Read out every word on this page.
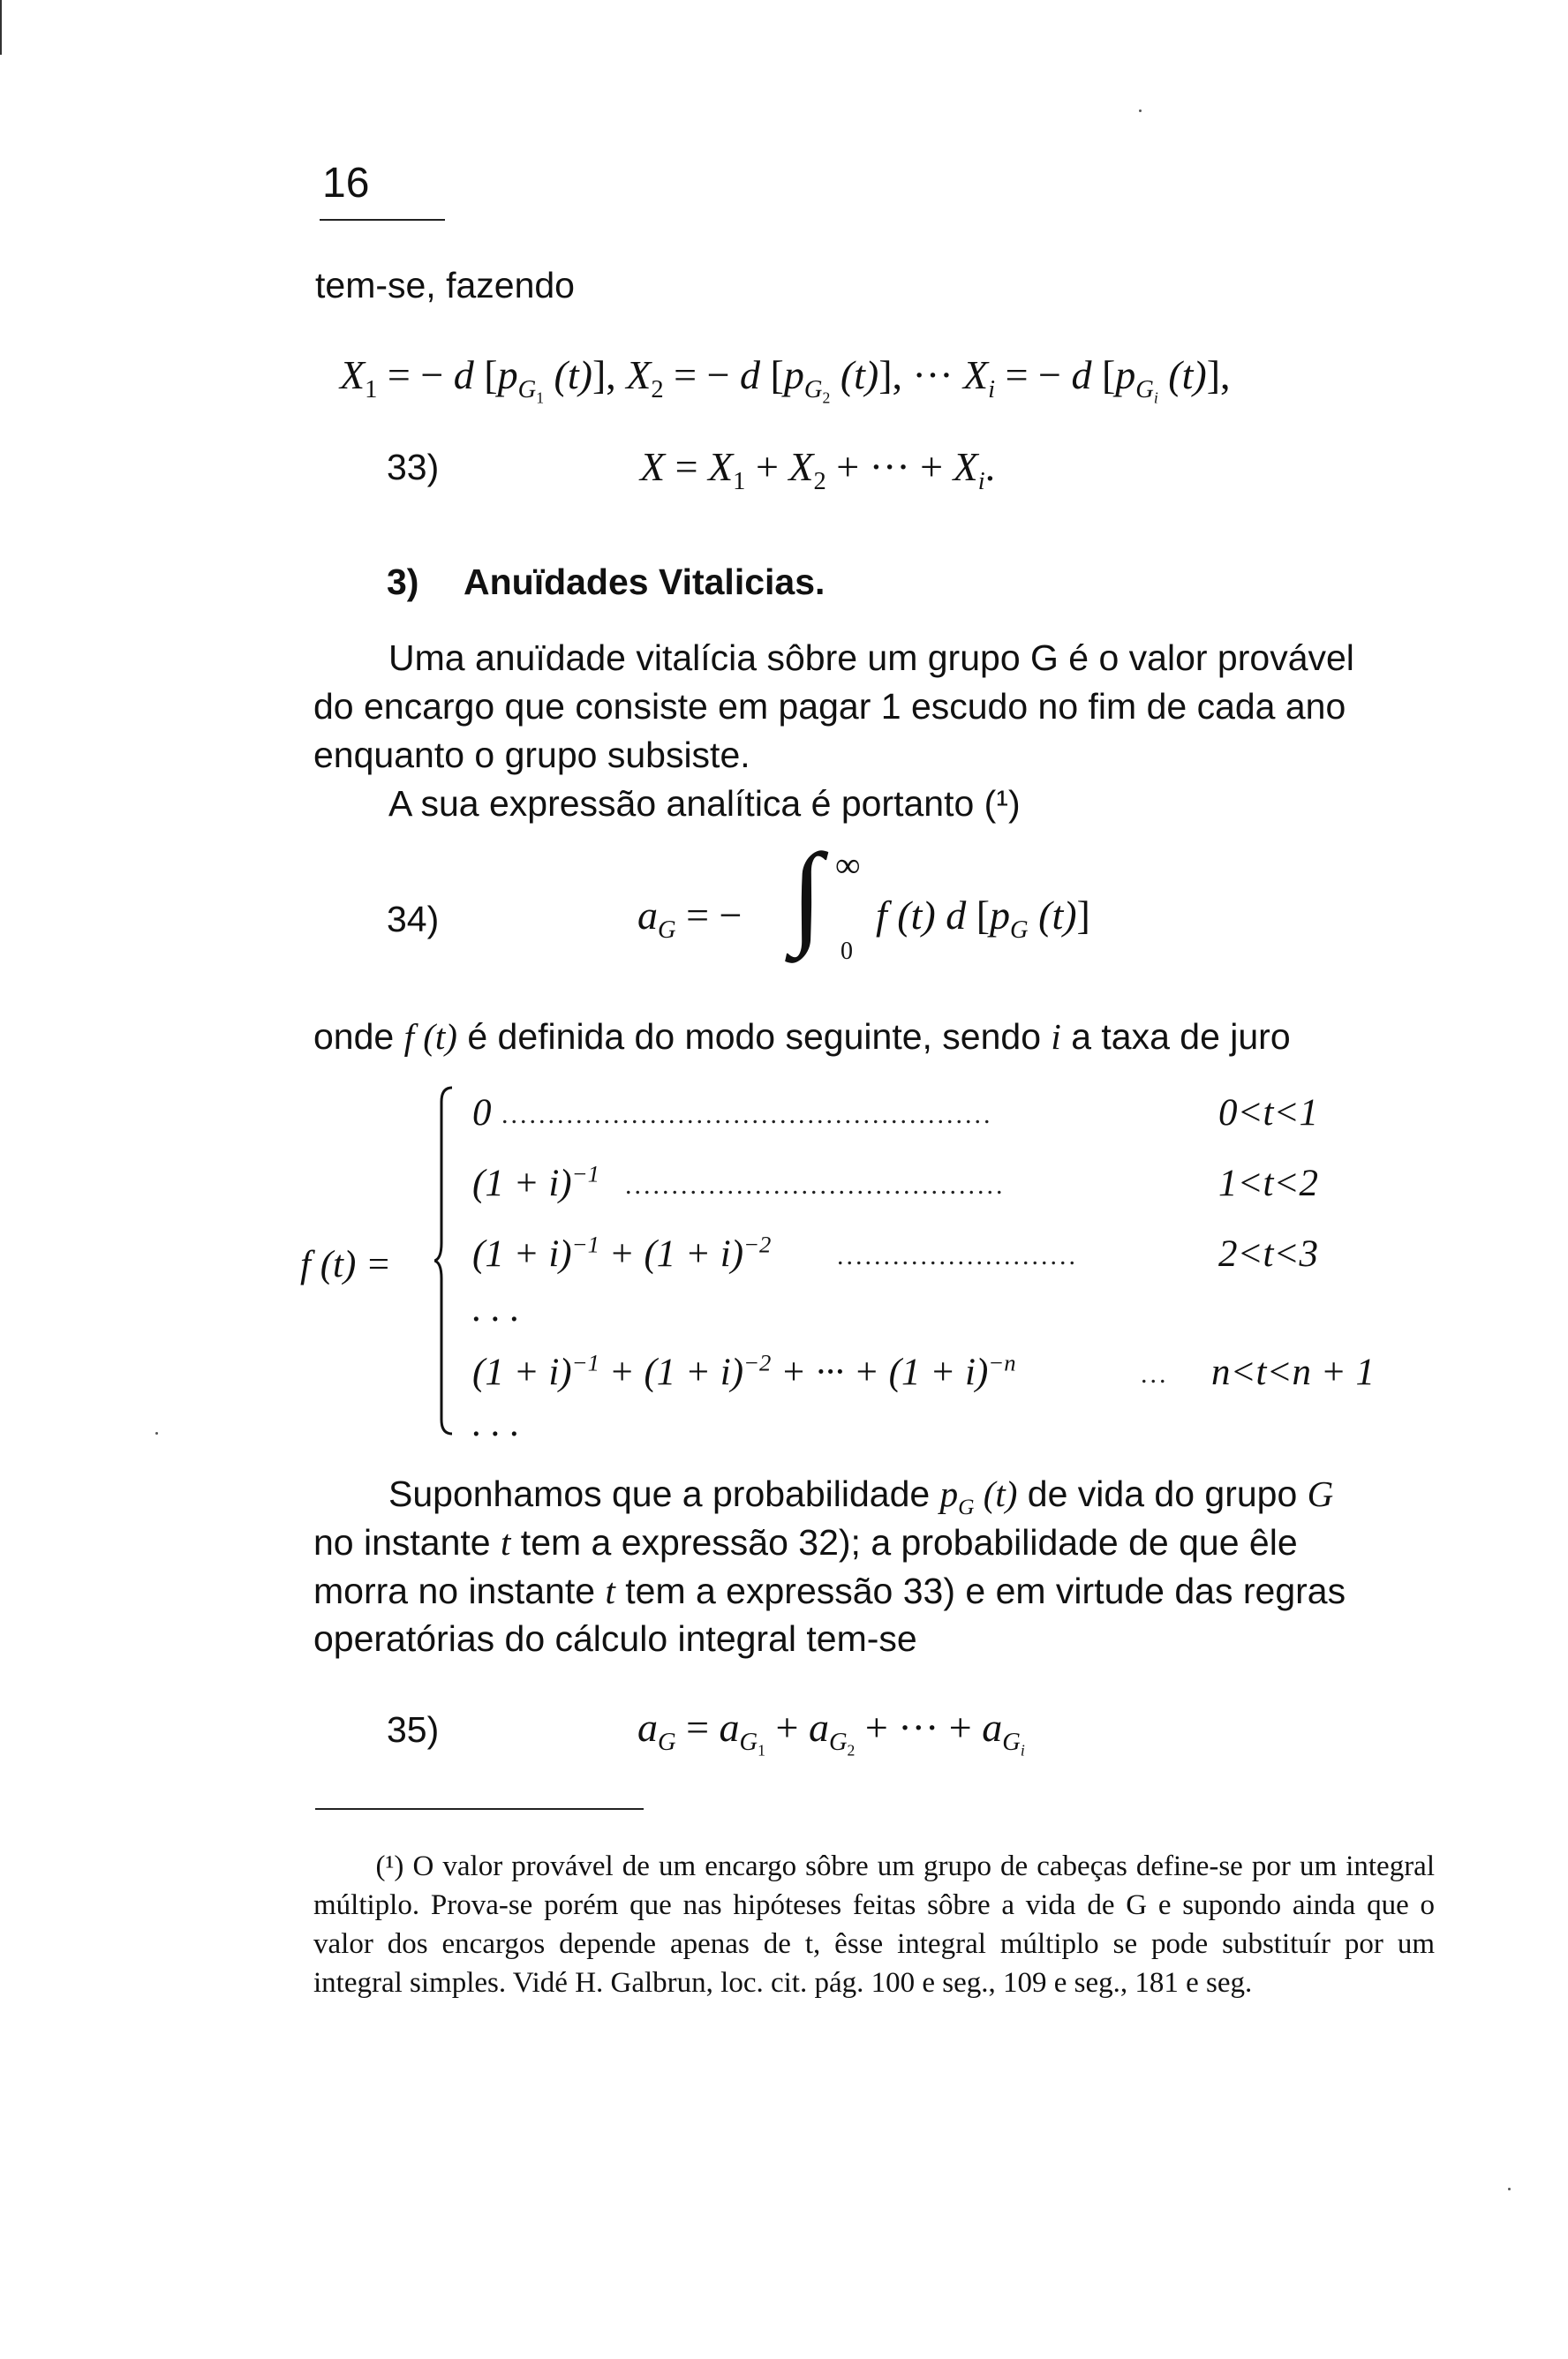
16
tem-se, fazendo
$X_1$ = − d [$p_{G_1}$ (t)], $X_2$ = − d [$p_{G_2}$ (t)], ··· $X_i$ = − d [$p_{G_i}$ (t)],
33)	$X = X_1 + X_2$ + ··· + $X_i$.
3) Anuïdades Vitalicias.
Uma anuïdade vitalícia sôbre um grupo G é o valor provável
do encargo que consiste em pagar 1 escudo no fim de cada ano
enquanto o grupo subsiste.
A sua expressão analítica é portanto (¹)
34)	$a_G$ = − ∫ ∞
0
f (t) d [$p_G$ (t)]
onde f (t) é definida do modo seguinte, sendo i a taxa de juro
f (t) =
0 .....................................................	0<t<1
$(1 + i)^{-1}$ .........................................	1<t<2
$(1 + i)^{-1} + (1 + i)^{-2}$ ..........................	2<t<3
. . .
$(1 + i)^{-1} + (1 + i)^{-2}$ + ··· + $(1 + i)^{-n}$	... n<t<n + 1
. . .
Suponhamos que a probabilidade $p_G$ (t) de vida do grupo G
no instante t tem a expressão 32); a probabilidade de que êle
morra no instante t tem a expressão 33) e em virtude das regras
operatórias do cálculo integral tem-se
35)	$a_G = a_{G_1} + a_{G_2}$ + ··· + $a_{G_i}$
(¹) O valor provável de um encargo sôbre um grupo de cabeças define-se por um integral múltiplo. Prova-se porém que nas hipóteses feitas sôbre a vida de G e supondo ainda que o valor dos encargos depende apenas de t, êsse integral múltiplo se pode substituír por um integral simples. Vidé H. Galbrun, loc. cit. pág. 100 e seg., 109 e seg., 181 e seg.
